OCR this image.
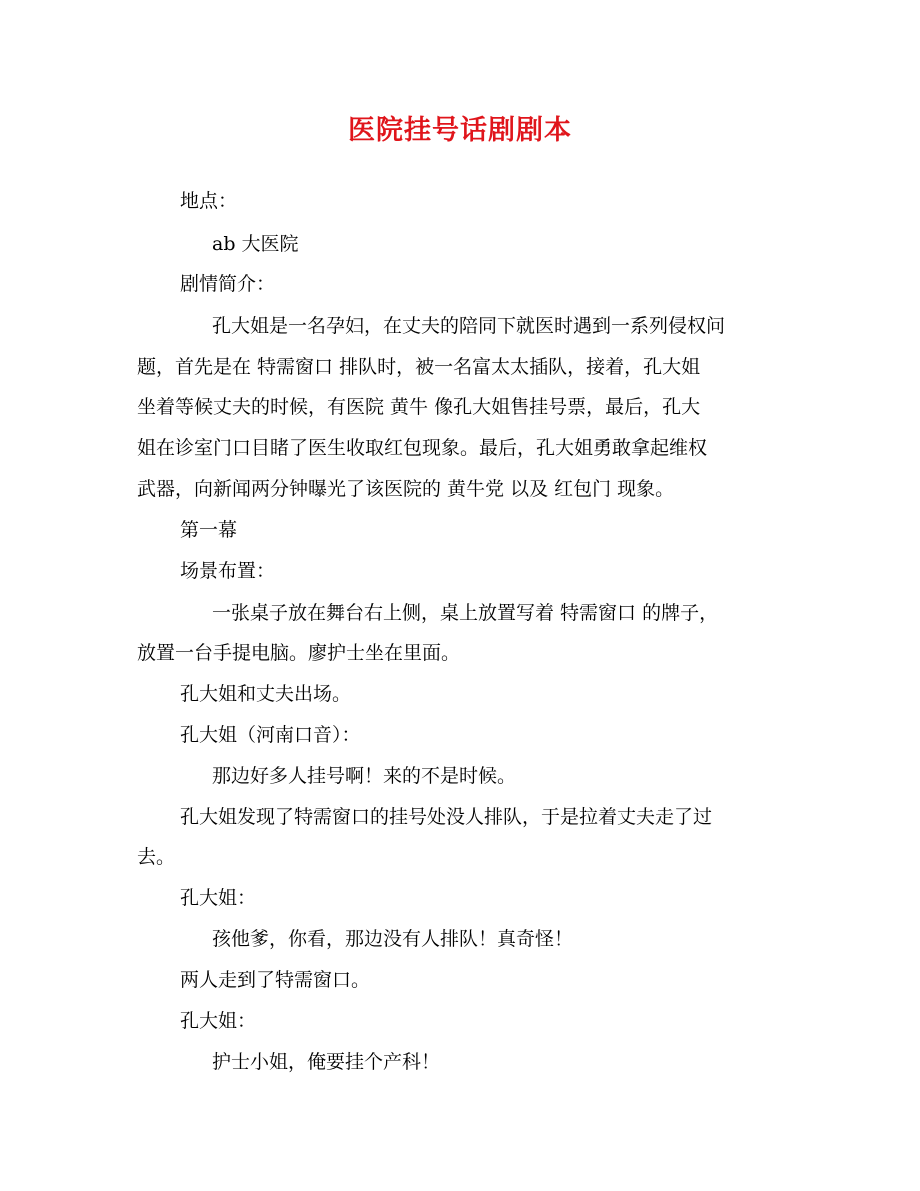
医院挂号话剧剧本
地点：
ab 大医院
剧情简介：
孔大姐是一名孕妇，在丈夫的陪同下就医时遇到一系列侵权问
题，首先是在 特需窗口 排队时，被一名富太太插队，接着，孔大姐
坐着等候丈夫的时候，有医院 黄牛 像孔大姐售挂号票，最后，孔大
姐在诊室门口目睹了医生收取红包现象。最后，孔大姐勇敢拿起维权
武器，向新闻两分钟曝光了该医院的 黄牛党 以及 红包门 现象。
第一幕
场景布置：
一张桌子放在舞台右上侧，桌上放置写着 特需窗口 的牌子，
放置一台手提电脑。廖护士坐在里面。
孔大姐和丈夫出场。
孔大姐（河南口音）：
那边好多人挂号啊！来的不是时候。
孔大姐发现了特需窗口的挂号处没人排队，于是拉着丈夫走了过
去。
孔大姐：
孩他爹，你看，那边没有人排队！真奇怪！
两人走到了特需窗口。
孔大姐：
护士小姐，俺要挂个产科！
